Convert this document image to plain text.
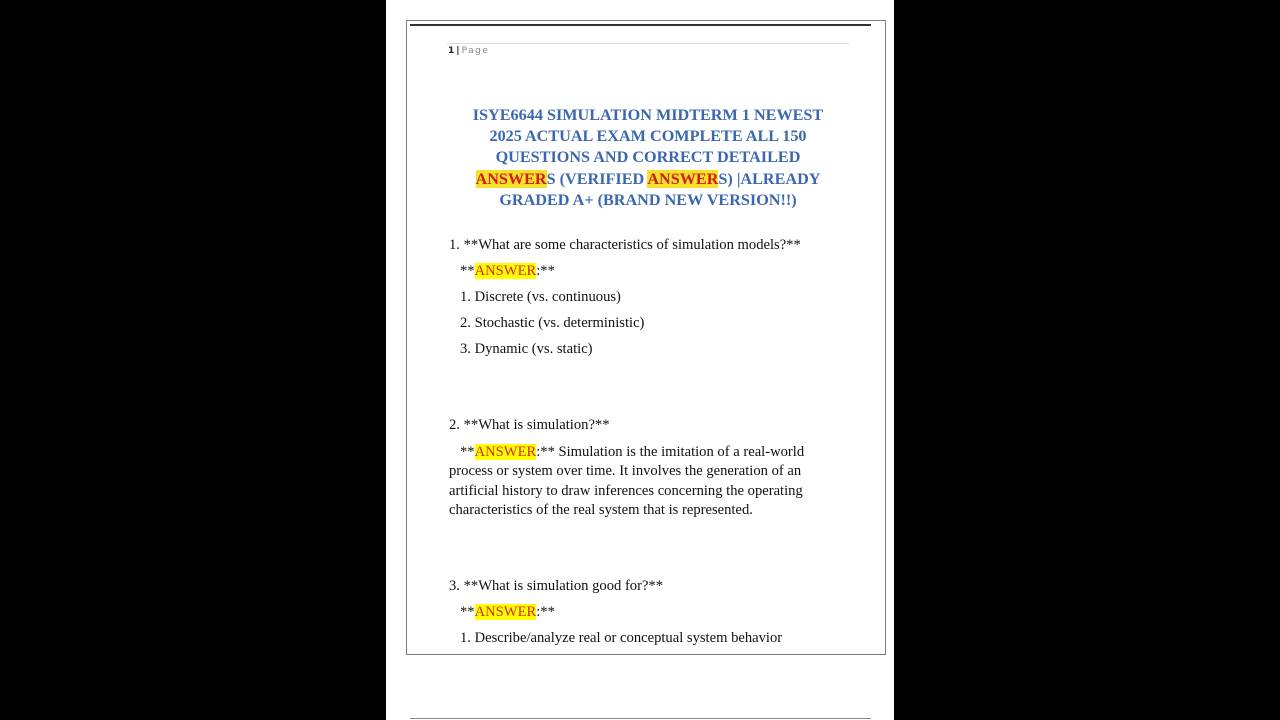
1 | Page
ISYE6644 SIMULATION MIDTERM 1 NEWEST
2025 ACTUAL EXAM COMPLETE ALL 150
QUESTIONS AND CORRECT DETAILED
ANSWERS (VERIFIED ANSWERS) |ALREADY
GRADED A+ (BRAND NEW VERSION!!)
1. **What are some characteristics of simulation models?**
**ANSWER:**
1. Discrete (vs. continuous)
2. Stochastic (vs. deterministic)
3. Dynamic (vs. static)
2. **What is simulation?**
**ANSWER:** Simulation is the imitation of a real-world
process or system over time. It involves the generation of an
artificial history to draw inferences concerning the operating
characteristics of the real system that is represented.
3. **What is simulation good for?**
**ANSWER:**
1. Describe/analyze real or conceptual system behavior
